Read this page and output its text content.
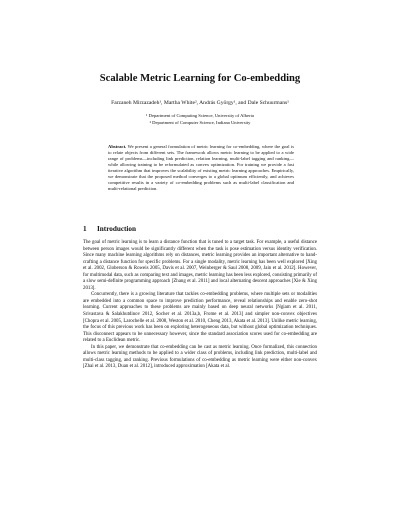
Scalable Metric Learning for Co-embedding
Farzaneh Mirzazadeh¹, Martha White², András György¹, and Dale Schuurmans¹
¹ Department of Computing Science, University of Alberta
² Department of Computer Science, Indiana University
Abstract. We present a general formulation of metric learning for co-embedding, where the goal is to relate objects from different sets. The framework allows metric learning to be applied to a wide range of problems—including link prediction, relation learning, multi-label tagging and ranking—while allowing training to be reformulated as convex optimization. For training we provide a fast iterative algorithm that improves the scalability of existing metric learning approaches. Empirically, we demonstrate that the proposed method converges to a global optimum efficiently, and achieves competitive results in a variety of co-embedding problems such as multi-label classification and multi-relational prediction.
1 Introduction

The goal of metric learning is to learn a distance function that is tuned to a target task. For example, a useful distance between person images would be significantly different when the task is pose estimation versus identity verification. Since many machine learning algorithms rely on distances, metric learning provides an important alternative to hand-crafting a distance function for specific problems. For a single modality, metric learning has been well explored [Xing et al. 2002, Globerson & Roweis 2005, Davis et al. 2007, Weinberger & Saul 2008, 2009, Jain et al. 2012]. However, for multimodal data, such as comparing text and images, metric learning has been less explored, consisting primarily of a slow semi-definite programming approach [Zhang et al. 2011] and local alternating descent approaches [Xie & Xing 2013].

Concurrently, there is a growing literature that tackles co-embedding problems, where multiple sets or modalities are embedded into a common space to improve prediction performance, reveal relationships and enable zero-shot learning. Current approaches to these problems are mainly based on deep neural networks [Ngiam et al. 2011, Srivastava & Salakhutdinov 2012, Socher et al. 2013a,b, Frome et al. 2013] and simpler non-convex objectives [Chopra et al. 2005, Larochelle et al. 2008, Weston et al. 2010, Cheng 2013, Akata et al. 2013]. Unlike metric learning, the focus of this previous work has been on exploring heterogeneous data, but without global optimization techniques. This disconnect appears to be unnecessary however, since the standard association scores used for co-embedding are related to a Euclidean metric.

In this paper, we demonstrate that co-embedding can be cast as metric learning. Once formalized, this connection allows metric learning methods to be applied to a wider class of problems, including link prediction, multi-label and multi-class tagging, and ranking. Previous formulations of co-embedding as metric learning were either non-convex [Zhai et al. 2013, Duan et al. 2012], introduced approximation [Akata et al.
